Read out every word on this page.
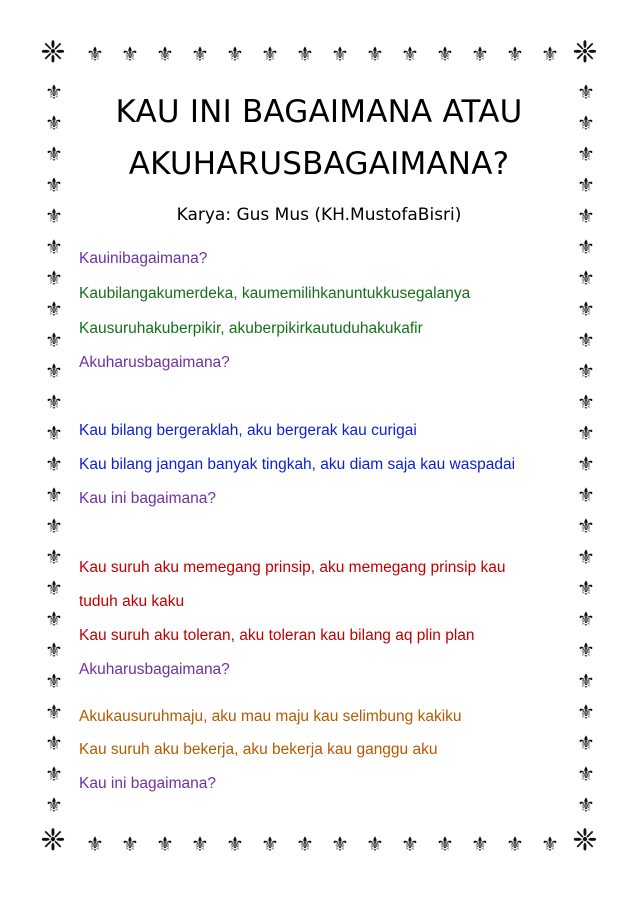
❈	❈
❈	❈
⚜
⚜
⚜
⚜
⚜
⚜
⚜
⚜
⚜
⚜
⚜
⚜
⚜
⚜
⚜
⚜
⚜
⚜
⚜
⚜
⚜
⚜
⚜
⚜
⚜
⚜
⚜
⚜
⚜	⚜
⚜	⚜
⚜	⚜
⚜	⚜
⚜	⚜
⚜	⚜
⚜	⚜
⚜	⚜
⚜	⚜
⚜	⚜
⚜	⚜
⚜	⚜
⚜	⚜
⚜	⚜
⚜	⚜
⚜	⚜
⚜	⚜
⚜	⚜
⚜	⚜
⚜	⚜
⚜	⚜
⚜	⚜
⚜	⚜
⚜	⚜
KAU INI BAGAIMANA ATAU
AKUHARUSBAGAIMANA?
Karya: Gus Mus (KH.MustofaBisri)
Kauinibagaimana?
Kaubilangakumerdeka, kaumemilihkanuntukkusegalanya
Kausuruhakuberpikir, akuberpikirkautuduhakukafir
Akuharusbagaimana?
Kau bilang bergeraklah, aku bergerak kau curigai
Kau bilang jangan banyak tingkah, aku diam saja kau waspadai
Kau ini bagaimana?
Kau suruh aku memegang prinsip, aku memegang prinsip kau
tuduh aku kaku
Kau suruh aku toleran, aku toleran kau bilang aq plin plan
Akuharusbagaimana?
Akukausuruhmaju, aku mau maju kau selimbung kakiku
Kau suruh aku bekerja, aku bekerja kau ganggu aku
Kau ini bagaimana?
